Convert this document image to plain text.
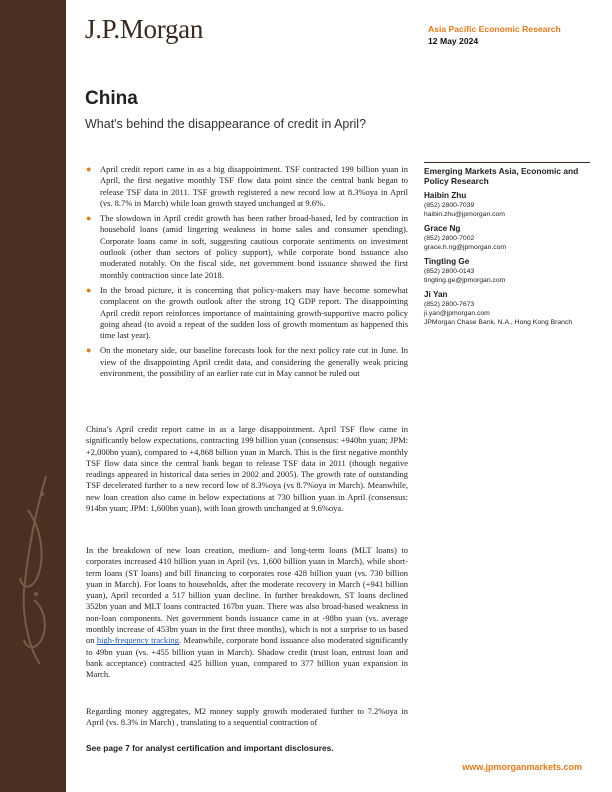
J.P.Morgan	Asia Pacific Economic Research
12 May 2024
China
What's behind the disappearance of credit in April?
● April credit report came in as a big disappointment. TSF contracted 199 billion yuan in April, the first negative monthly TSF flow data point since the central bank began to release TSF data in 2011. TSF growth registered a new record low at 8.3%oya in April (vs. 8.7% in March) while loan growth stayed unchanged at 9.6%.
● The slowdown in April credit growth has been rather broad-based, led by contraction in household loans (amid lingering weakness in home sales and consumer spending). Corporate loans came in soft, suggesting cautious corporate sentiments on investment outlook (other than sectors of policy support), while corporate bond issuance also moderated notably. On the fiscal side, net government bond issuance showed the first monthly contraction since late 2018.
● In the broad picture, it is concerning that policy-makers may have become somewhat complacent on the growth outlook after the strong 1Q GDP report. The disappointing April credit report reinforces importance of maintaining growth-supportive macro policy going ahead (to avoid a repeat of the sudden loss of growth momentum as happened this time last year).
● On the monetary side, our baseline forecasts look for the next policy rate cut in June. In view of the disappointing April credit data, and considering the generally weak pricing environment, the possibility of an earlier rate cut in May cannot be ruled out
Emerging Markets Asia, Economic and Policy Research
Haibin Zhu
(852) 2800-7039
haibin.zhu@jpmorgan.com
Grace Ng
(852) 2800-7002
grace.h.ng@jpmorgan.com
Tingting Ge
(852) 2800-0143
tingting.ge@jpmorgan.com
Ji Yan
(852) 2800-7673
ji.yan@jpmorgan.com
JPMorgan Chase Bank, N.A., Hong Kong Branch

China’s April credit report came in as a large disappointment. April TSF flow came in significantly below expectations, contracting 199 billion yuan (consensus: +940bn yuan; JPM: +2,000bn yuan), compared to +4,868 billion yuan in March. This is the first negative monthly TSF flow data since the central bank began to release TSF data in 2011 (though negative readings appeared in historical data series in 2002 and 2005). The growth rate of outstanding TSF decelerated further to a new record low of 8.3%oya (vs 8.7%oya in March). Meanwhile, new loan creation also came in below expectations at 730 billion yuan in April (consensus: 914bn yuan; JPM: 1,600bn yuan), with loan growth unchanged at 9.6%oya.

In the breakdown of new loan creation, medium- and long-term loans (MLT loans) to corporates increased 410 billion yuan in April (vs. 1,600 billion yuan in March), while short-term loans (ST loans) and bill financing to corporates rose 428 billion yuan (vs. 730 billion yuan in March). For loans to households, after the moderate recovery in March (+941 billion yuan), April recorded a 517 billion yuan decline. In further breakdown, ST loans declined 352bn yuan and MLT loans contracted 167bn yuan. There was also broad-based weakness in non-loan components. Net government bonds issuance came in at -98bn yuan (vs. average monthly increase of 453bn yuan in the first three months), which is not a surprise to us based on high-frequency tracking. Meanwhile, corporate bond issuance also moderated significantly to 49bn yuan (vs. +455 billion yuan in March). Shadow credit (trust loan, entrust loan and bank acceptance) contracted 425 billion yuan, compared to 377 billion yuan expansion in March.

Regarding money aggregates, M2 money supply growth moderated further to 7.2%oya in April (vs. 8.3% in March) , translating to a sequential contraction of

See page 7 for analyst certification and important disclosures.
www.jpmorganmarkets.com
